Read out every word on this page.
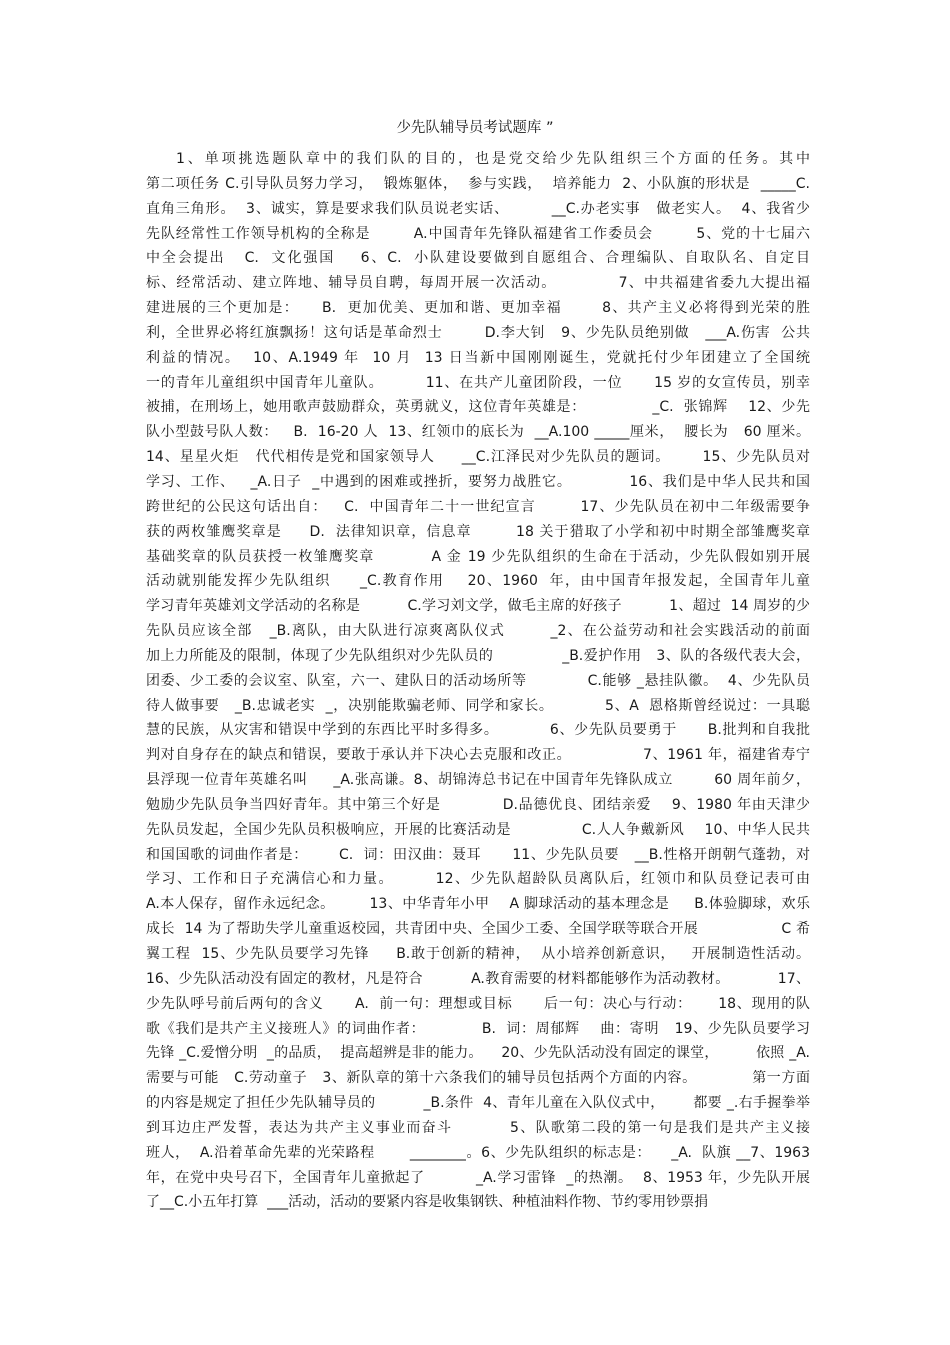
少先队辅导员考试题库 ”
1、单项挑选题队章中的我们队的目的，也是党交给少先队组织三个方面的任务。其中
第二项任务 C.引导队员努力学习，  锻炼躯体，  参与实践，  培养能力  2、小队旗的形状是  _____C.
直角三角形。  3、诚实，算是要求我们队员说老实话、        __C.办老实事   做老实人。  4、我省少
先队经常性工作领导机构的全称是        A.中国青年先锋队福建省工作委员会        5、党的十七届六
中全会提出   C.  文化强国    6、C.  小队建设要做到自愿组合、合理编队、自取队名、自定目
标、经常活动、建立阵地、辅导员自聘，每周开展一次活动。           7、中共福建省委九大提出福
建进展的三个更加是：    B.  更加优美、更加和谐、更加幸福       8、共产主义必将得到光荣的胜
利，全世界必将红旗飘扬！这句话是革命烈士        D.李大钊   9、少先队员绝别做   ___A.伤害  公共
利益的情况。  10、A.1949 年  10 月  13 日当新中国刚刚诞生，党就托付少年团建立了全国统
一的青年儿童组织中国青年儿童队。        11、在共产儿童团阶段，一位      15 岁的女宣传员，别幸
被捕，在刑场上，她用歌声鼓励群众，英勇就义，这位青年英雄是：             _C.  张锦辉    12、少先
队小型鼓号队人数：   B.  16-20 人  13、红领巾的底长为  __A.100 _____厘米，  腰长为   60 厘米。
14、星星火炬   代代相传是党和国家领导人     __C.江泽民对少先队员的题词。      15、少先队员对
学习、工作、   _A.日子  _中遇到的困难或挫折，要努力战胜它。           16、我们是中华人民共和国
跨世纪的公民这句话出自：   C.  中国青年二十一世纪宣言        17、少先队员在初中二年级需要争
获的两枚雏鹰奖章是     D.  法律知识章，信息章        18 关于猎取了小学和初中时期全部雏鹰奖章
基础奖章的队员获授一枚雏鹰奖章          A 金 19 少先队组织的生命在于活动，少先队假如别开展
活动就别能发挥少先队组织     _C.教育作用    20、1960  年，由中国青年报发起，全国青年儿童
学习青年英雄刘文学活动的名称是          C.学习刘文学，做毛主席的好孩子          1、超过  14 周岁的少
先队员应该全部   _B.离队，由大队进行凉爽离队仪式        _2、在公益劳动和社会实践活动的前面
加上力所能及的限制，体现了少先队组织对少先队员的              _B.爱护作用   3、队的各级代表大会，
团委、少工委的会议室、队室，六一、建队日的活动场所等            C.能够 _悬挂队徽。  4、少先队员
待人做事要   _B.忠诚老实  _，决别能欺骗老师、同学和家长。          5、A  恩格斯曾经说过：一具聪
慧的民族，从灾害和错误中学到的东西比平时多得多。          6、少先队员要勇于      B.批判和自我批
判对自身存在的缺点和错误，要敢于承认并下决心去克服和改正。              7、1961 年，福建省寿宁
县浮现一位青年英雄名叫     _A.张高谦。8、胡锦涛总书记在中国青年先锋队成立        60 周年前夕，
勉励少先队员争当四好青年。其中第三个好是            D.品德优良、团结亲爱    9、1980 年由天津少
先队员发起，全国少先队员积极响应，开展的比赛活动是              C.人人争戴新风    10、中华人民共
和国国歌的词曲作者是：      C.  词：田汉曲：聂耳      11、少先队员要   __B.性格开朗朝气蓬勃，对
学习、工作和日子充满信心和力量。       12、少先队超龄队员离队后，红领巾和队员登记表可由
A.本人保存，留作永远纪念。       13、中华青年小甲    A 脚球活动的基本理念是     B.体验脚球，欢乐
成长  14 为了帮助失学儿童重返校园，共青团中央、全国少工委、全国学联等联合开展                 C 希
翼工程  15、少先队员要学习先锋     B.敢于创新的精神，  从小培养创新意识，   开展制造性活动。
16、少先队活动没有固定的教材，凡是符合          A.教育需要的材料都能够作为活动教材。          17、
少先队呼号前后两句的含义      A.  前一句：理想或目标      后一句：决心与行动：     18、现用的队
歌《我们是共产主义接班人》的词曲作者：           B.  词：周郁辉    曲：寄明   19、少先队员要学习
先锋 _C.爱憎分明  _的品质，  提高超辨是非的能力。    20、少先队活动没有固定的课堂，        依照 _A.
需要与可能   C.劳动童子   3、新队章的第十六条我们的辅导员包括两个方面的内容。           第一方面
的内容是规定了担任少先队辅导员的          _B.条件  4、青年儿童在入队仪式中，      都要 _.右手握拳举
到耳边庄严发誓，表达为共产主义事业而奋斗          5、队歌第二段的第一句是我们是共产主义接
班人，  A.沿着革命先辈的光荣路程       ________。6、少先队组织的标志是：    _A.  队旗 __7、1963
年，在党中央号召下，全国青年儿童掀起了          _A.学习雷锋  _的热潮。  8、1953 年，少先队开展
了__C.小五年打算  ___活动，活动的要紧内容是收集钢铁、种植油料作物、节约零用钞票捐
